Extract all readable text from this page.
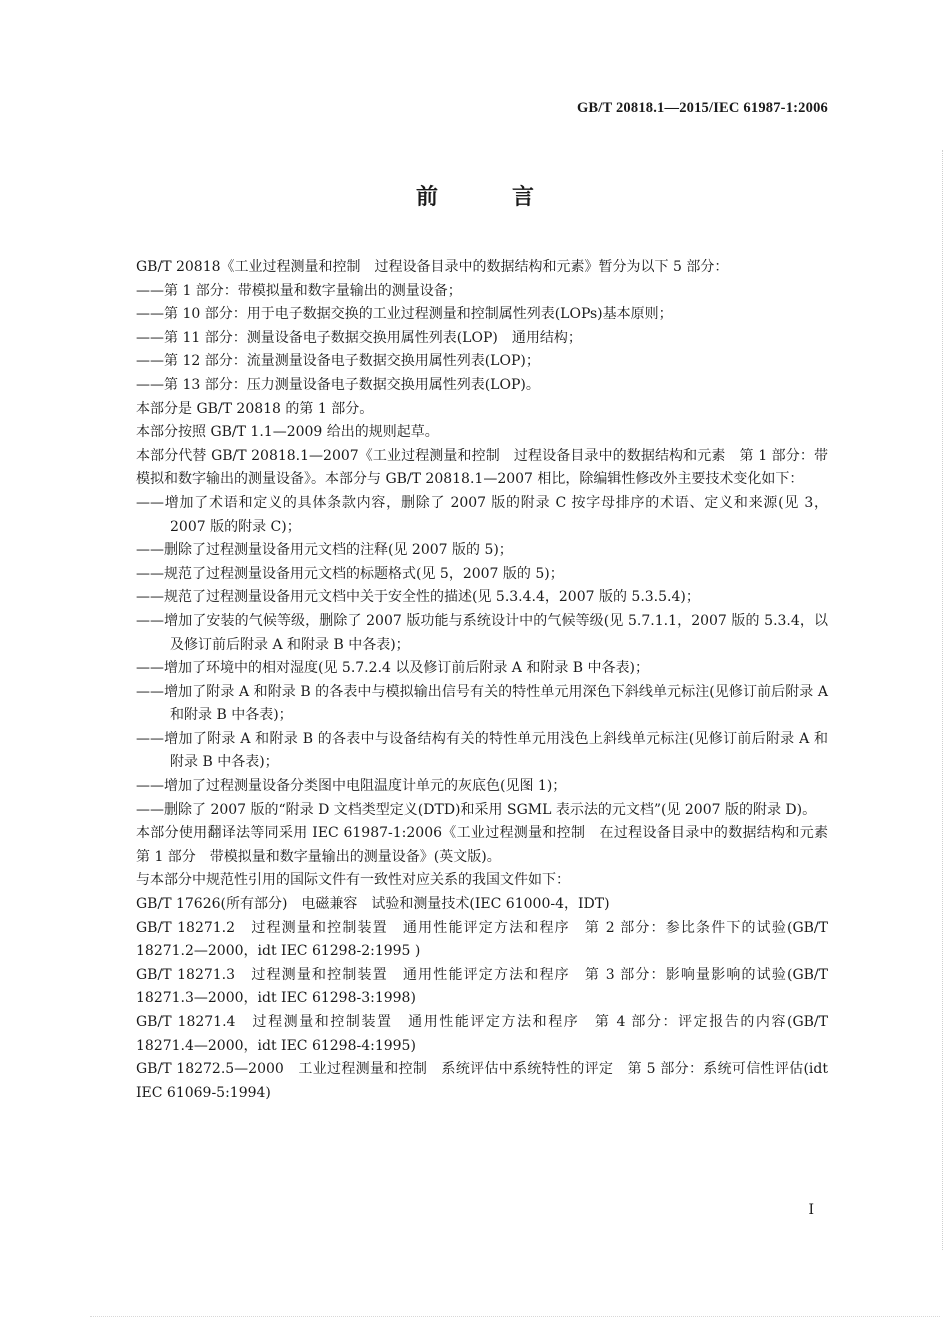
GB/T 20818.1—2015/IEC 61987-1:2006
前　言

GB/T 20818《工业过程测量和控制　过程设备目录中的数据结构和元素》暂分为以下 5 部分：

——第 1 部分：带模拟量和数字量输出的测量设备；

——第 10 部分：用于电子数据交换的工业过程测量和控制属性列表(LOPs)基本原则；

——第 11 部分：测量设备电子数据交换用属性列表(LOP)　通用结构；

——第 12 部分：流量测量设备电子数据交换用属性列表(LOP)；

——第 13 部分：压力测量设备电子数据交换用属性列表(LOP)。

本部分是 GB/T 20818 的第 1 部分。

本部分按照 GB/T 1.1—2009 给出的规则起草。

本部分代替 GB/T 20818.1—2007《工业过程测量和控制　过程设备目录中的数据结构和元素　第 1 部分：带模拟和数字输出的测量设备》。本部分与 GB/T 20818.1—2007 相比，除编辑性修改外主要技术变化如下：

——增加了术语和定义的具体条款内容，删除了 2007 版的附录 C 按字母排序的术语、定义和来源(见 3，2007 版的附录 C)；

——删除了过程测量设备用元文档的注释(见 2007 版的 5)；

——规范了过程测量设备用元文档的标题格式(见 5，2007 版的 5)；

——规范了过程测量设备用元文档中关于安全性的描述(见 5.3.4.4，2007 版的 5.3.5.4)；

——增加了安装的气候等级，删除了 2007 版功能与系统设计中的气候等级(见 5.7.1.1，2007 版的 5.3.4，以及修订前后附录 A 和附录 B 中各表)；

——增加了环境中的相对湿度(见 5.7.2.4 以及修订前后附录 A 和附录 B 中各表)；

——增加了附录 A 和附录 B 的各表中与模拟输出信号有关的特性单元用深色下斜线单元标注(见修订前后附录 A 和附录 B 中各表)；

——增加了附录 A 和附录 B 的各表中与设备结构有关的特性单元用浅色上斜线单元标注(见修订前后附录 A 和附录 B 中各表)；

——增加了过程测量设备分类图中电阻温度计单元的灰底色(见图 1)；

——删除了 2007 版的“附录 D 文档类型定义(DTD)和采用 SGML 表示法的元文档”(见 2007 版的附录 D)。

本部分使用翻译法等同采用 IEC 61987-1:2006《工业过程测量和控制　在过程设备目录中的数据结构和元素　第 1 部分　带模拟量和数字量输出的测量设备》(英文版)。

与本部分中规范性引用的国际文件有一致性对应关系的我国文件如下：

GB/T 17626(所有部分)　电磁兼容　试验和测量技术(IEC 61000-4，IDT)

GB/T 18271.2　过程测量和控制装置　通用性能评定方法和程序　第 2 部分：参比条件下的试验(GB/T 18271.2—2000，idt IEC 61298-2:1995 )

GB/T 18271.3　过程测量和控制装置　通用性能评定方法和程序　第 3 部分：影响量影响的试验(GB/T 18271.3—2000，idt IEC 61298-3:1998)

GB/T 18271.4　过程测量和控制装置　通用性能评定方法和程序　第 4 部分：评定报告的内容(GB/T 18271.4—2000，idt IEC 61298-4:1995)

GB/T 18272.5—2000　工业过程测量和控制　系统评估中系统特性的评定　第 5 部分：系统可信性评估(idt IEC 61069-5:1994)

Ⅰ
